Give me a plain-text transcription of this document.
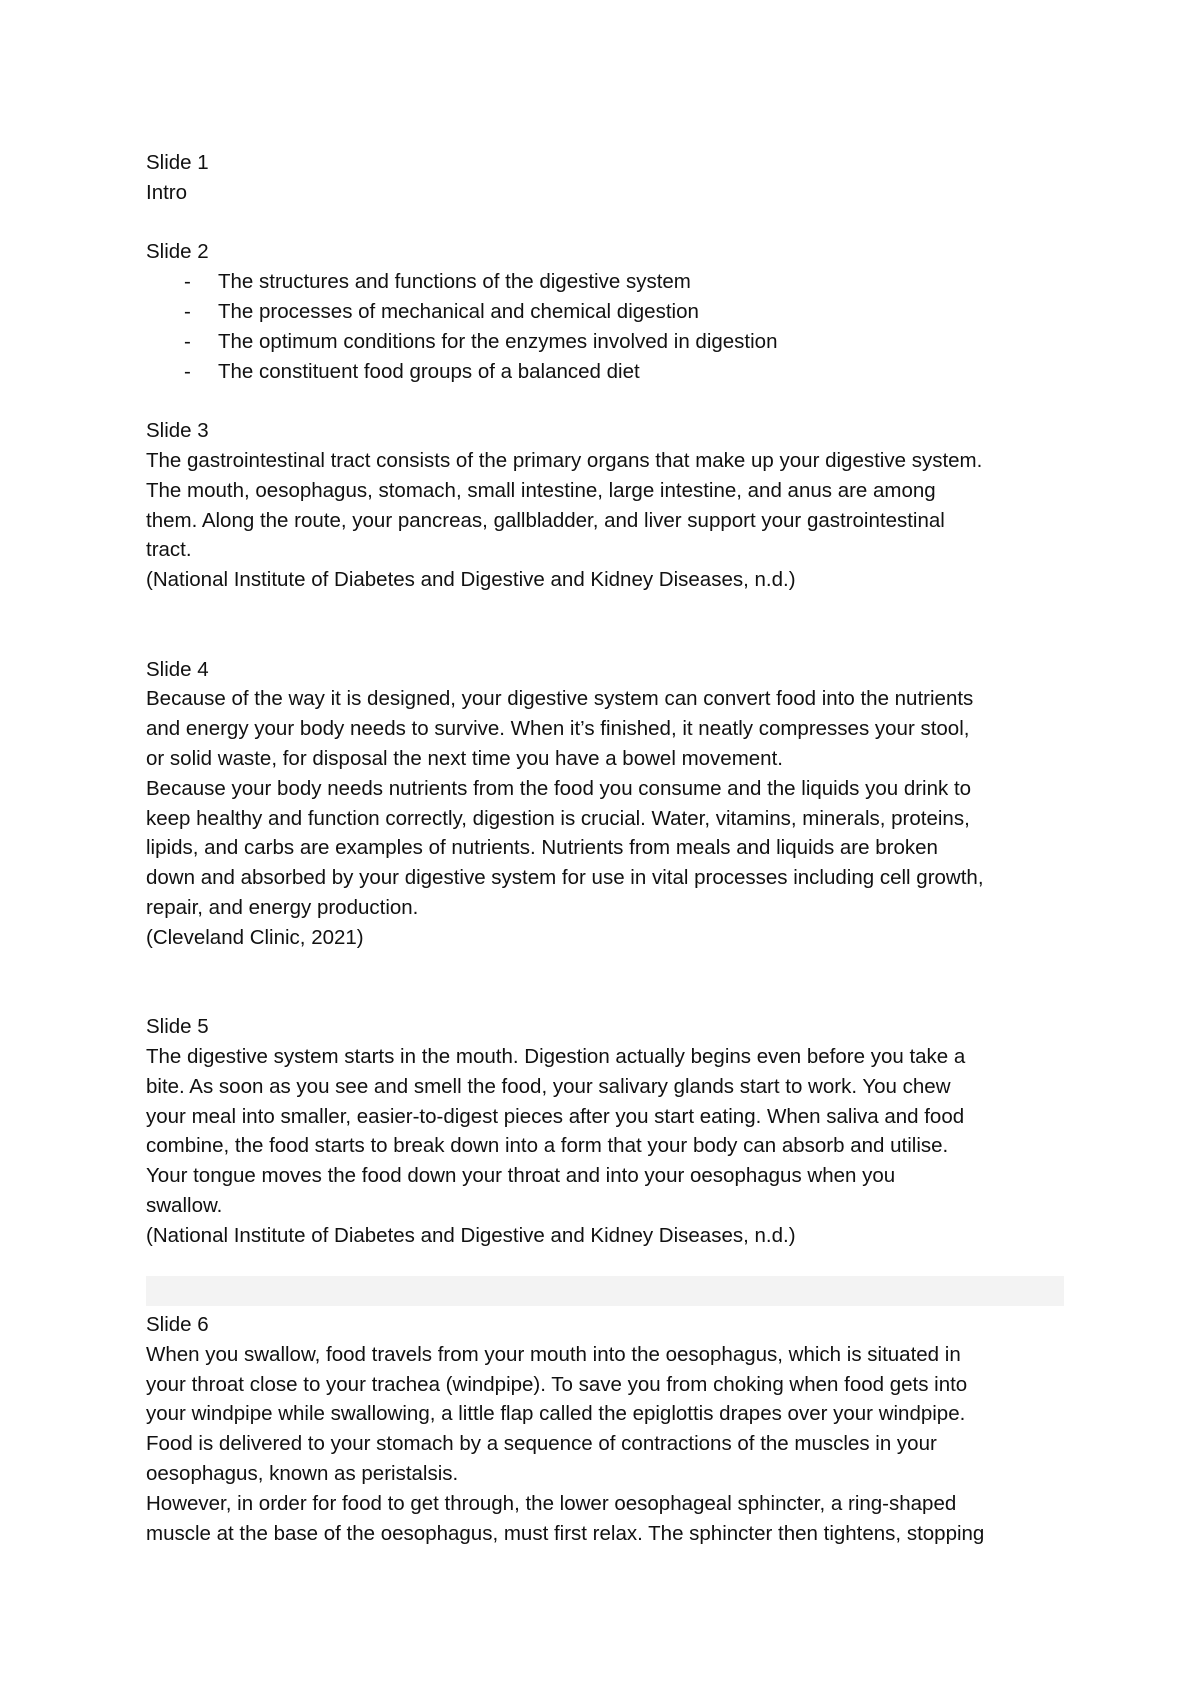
Slide 1
Intro
Slide 2
- The structures and functions of the digestive system
- The processes of mechanical and chemical digestion
- The optimum conditions for the enzymes involved in digestion
- The constituent food groups of a balanced diet
Slide 3
The gastrointestinal tract consists of the primary organs that make up your digestive system.
The mouth, oesophagus, stomach, small intestine, large intestine, and anus are among
them. Along the route, your pancreas, gallbladder, and liver support your gastrointestinal
tract.
(National Institute of Diabetes and Digestive and Kidney Diseases, n.d.)
Slide 4
Because of the way it is designed, your digestive system can convert food into the nutrients
and energy your body needs to survive. When it’s finished, it neatly compresses your stool,
or solid waste, for disposal the next time you have a bowel movement.
Because your body needs nutrients from the food you consume and the liquids you drink to
keep healthy and function correctly, digestion is crucial. Water, vitamins, minerals, proteins,
lipids, and carbs are examples of nutrients. Nutrients from meals and liquids are broken
down and absorbed by your digestive system for use in vital processes including cell growth,
repair, and energy production.
(Cleveland Clinic, 2021)
Slide 5
The digestive system starts in the mouth. Digestion actually begins even before you take a
bite. As soon as you see and smell the food, your salivary glands start to work. You chew
your meal into smaller, easier-to-digest pieces after you start eating. When saliva and food
combine, the food starts to break down into a form that your body can absorb and utilise.
Your tongue moves the food down your throat and into your oesophagus when you
swallow.
(National Institute of Diabetes and Digestive and Kidney Diseases, n.d.)
Slide 6
When you swallow, food travels from your mouth into the oesophagus, which is situated in
your throat close to your trachea (windpipe). To save you from choking when food gets into
your windpipe while swallowing, a little flap called the epiglottis drapes over your windpipe.
Food is delivered to your stomach by a sequence of contractions of the muscles in your
oesophagus, known as peristalsis.
However, in order for food to get through, the lower oesophageal sphincter, a ring-shaped
muscle at the base of the oesophagus, must first relax. The sphincter then tightens, stopping
